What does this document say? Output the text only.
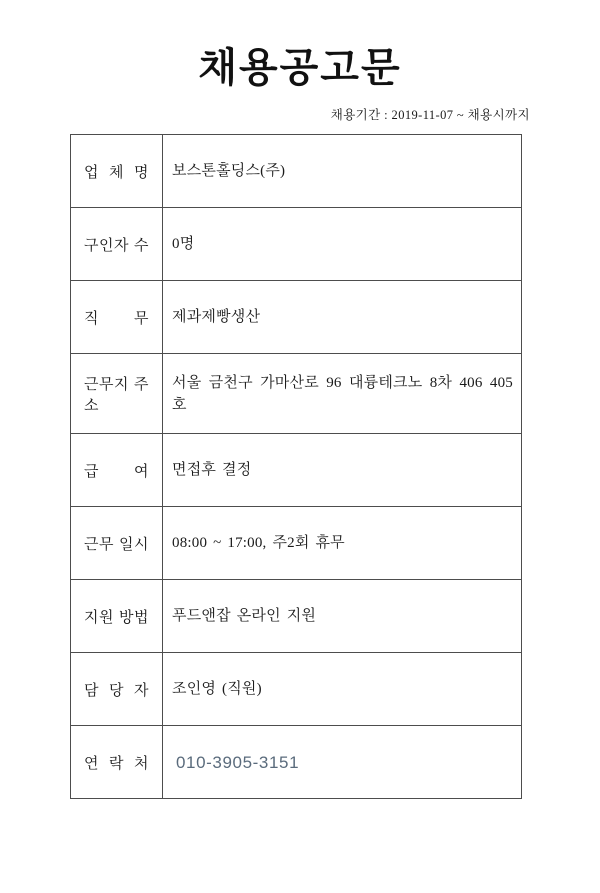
채용공고문
채용기간 : 2019-11-07 ~ 채용시까지
업 체 명	보스톤홀딩스(주)
구인자 수	0명
직 무	제과제빵생산
근무지 주소	서울 금천구 가마산로 96 대륭테크노 8차 406 405호
급 여	면접후 결정
근무 일시	08:00 ~ 17:00, 주2회 휴무
지원 방법	푸드앤잡 온라인 지원
담 당 자	조인영 (직원)
연 락 처	010-3905-3151
